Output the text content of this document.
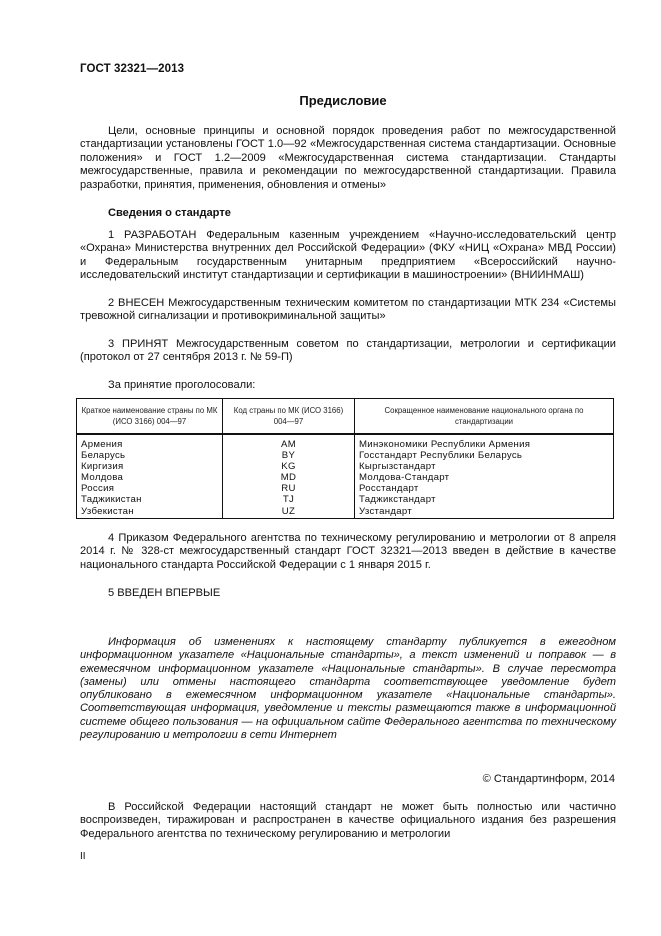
ГОСТ 32321—2013
Предисловие
Цели, основные принципы и основной порядок проведения работ по межгосударственной стандартизации установлены ГОСТ 1.0—92 «Межгосударственная система стандартизации. Основные положения» и ГОСТ 1.2—2009 «Межгосударственная система стандартизации. Стандарты межгосударственные, правила и рекомендации по межгосударственной стандартизации. Правила разработки, принятия, применения, обновления и отмены»
Сведения о стандарте
1 РАЗРАБОТАН Федеральным казенным учреждением «Научно-исследовательский центр «Охрана» Министерства внутренних дел Российской Федерации» (ФКУ «НИЦ «Охрана» МВД России) и Федеральным государственным унитарным предприятием «Всероссийский научно-исследовательский институт стандартизации и сертификации в машиностроении» (ВНИИНМАШ)
2 ВНЕСЕН Межгосударственным техническим комитетом по стандартизации МТК 234 «Системы тревожной сигнализации и противокриминальной защиты»
3 ПРИНЯТ Межгосударственным советом по стандартизации, метрологии и сертификации (протокол от 27 сентября 2013 г. № 59-П)
За принятие проголосовали:
Краткое наименование страны по МК (ИСО 3166) 004—97	Код страны по МК (ИСО 3166) 004—97	Сокращенное наименование национального органа по стандартизации
Армения	AM	Минэкономики Республики Армения
Беларусь	BY	Госстандарт Республики Беларусь
Киргизия	KG	Кыргызстандарт
Молдова	MD	Молдова-Стандарт
Россия	RU	Росстандарт
Таджикистан	TJ	Таджикстандарт
Узбекистан	UZ	Узстандарт
4 Приказом Федерального агентства по техническому регулированию и метрологии от 8 апреля 2014 г. № 328-ст межгосударственный стандарт ГОСТ 32321—2013 введен в действие в качестве национального стандарта Российской Федерации с 1 января 2015 г.
5 ВВЕДЕН ВПЕРВЫЕ
Информация об изменениях к настоящему стандарту публикуется в ежегодном информационном указателе «Национальные стандарты», а текст изменений и поправок — в ежемесячном информационном указателе «Национальные стандарты». В случае пересмотра (замены) или отмены настоящего стандарта соответствующее уведомление будет опубликовано в ежемесячном информационном указателе «Национальные стандарты». Соответствующая информация, уведомление и тексты размещаются также в информационной системе общего пользования — на официальном сайте Федерального агентства по техническому регулированию и метрологии в сети Интернет
© Стандартинформ, 2014
В Российской Федерации настоящий стандарт не может быть полностью или частично воспроизведен, тиражирован и распространен в качестве официального издания без разрешения Федерального агентства по техническому регулированию и метрологии
II
